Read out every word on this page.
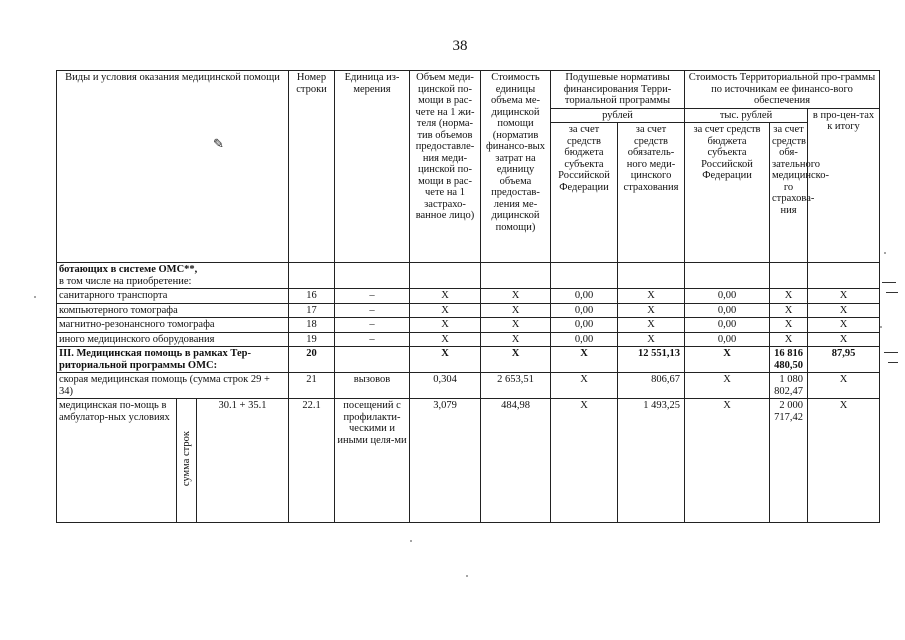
38
Виды и условия оказания медицинской помощи			Номер строки	Единица из-мерения	Объем меди-цинской по-мощи в рас-чете на 1 жи-теля (норма-тив объемов предоставле-ния меди-цинской по-мощи в рас-чете на 1 застрахо-ванное лицо)	Стоимость единицы объема ме-дицинской помощи (норматив финансо-вых затрат на единицу объема предостав-ления ме-дицинской помощи)	Подушевые нормативы финансирования Терри-ториальной программы		Стоимость Территориальной про-граммы по источникам ее финансо-вого обеспечения		
							рублей		тыс. рублей		в про-цен-тах к итогу
							за счет средств бюджета субъекта Российской Федерации	за счет средств обязатель-ного меди-цинского страхования	за счет средств бюджета субъекта Российской Федерации	за счет средств обя-зательного медицинско-го страхова-ния	
ботающих в системе ОМС**,
в том числе на приобретение:											
санитарного транспорта			16	–	X	X	0,00	X	0,00	X	X
компьютерного томографа			17	–	X	X	0,00	X	0,00	X	X
магнитно-резонансного томографа			18	–	X	X	0,00	X	0,00	X	X
иного медицинского оборудования			19	–	X	X	0,00	X	0,00	X	X
III. Медицинская помощь в рамках Тер-риториальной программы ОМС:			20		X	X	X	12 551,13	X	16 816 480,50	87,95
скорая медицинская помощь (сумма строк 29 + 34)			21	вызовов	0,304	2 653,51	X	806,67	X	1 080 802,47	X
медицинская по-мощь в амбулатор-ных условиях	сумма строк	30.1 + 35.1	22.1	посещений с профилакти-ческими и иными целя-ми	3,079	484,98	X	1 493,25	X	2 000 717,42	X
✎
